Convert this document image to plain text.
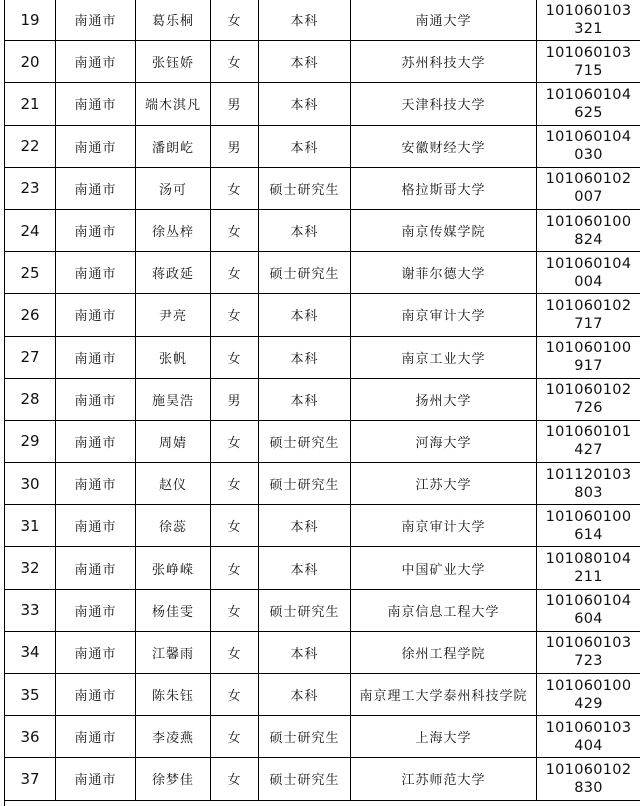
19	南通市	葛乐桐	女	本科	南通大学	101060103
321

20	南通市	张钰娇	女	本科	苏州科技大学	101060103
715

21	南通市	端木淇凡	男	本科	天津科技大学	101060104
625

22	南通市	潘朗屹	男	本科	安徽财经大学	101060104
030

23	南通市	汤可	女	硕士研究生	格拉斯哥大学	101060102
007

24	南通市	徐丛梓	女	本科	南京传媒学院	101060100
824

25	南通市	蒋政延	女	硕士研究生	谢菲尔德大学	101060104
004

26	南通市	尹亮	女	本科	南京审计大学	101060102
717

27	南通市	张帆	女	本科	南京工业大学	101060100
917

28	南通市	施昊浩	男	本科	扬州大学	101060102
726

29	南通市	周婧	女	硕士研究生	河海大学	101060101
427

30	南通市	赵仪	女	硕士研究生	江苏大学	101120103
803

31	南通市	徐蕊	女	本科	南京审计大学	101060100
614

32	南通市	张峥嵘	女	本科	中国矿业大学	101080104
211

33	南通市	杨佳雯	女	硕士研究生	南京信息工程大学	101060104
604

34	南通市	江馨雨	女	本科	徐州工程学院	101060103
723

35	南通市	陈朱钰	女	本科	南京理工大学泰州科技学院	101060100
429

36	南通市	李凌燕	女	硕士研究生	上海大学	101060103
404

37	南通市	徐梦佳	女	硕士研究生	江苏师范大学	101060102
830
